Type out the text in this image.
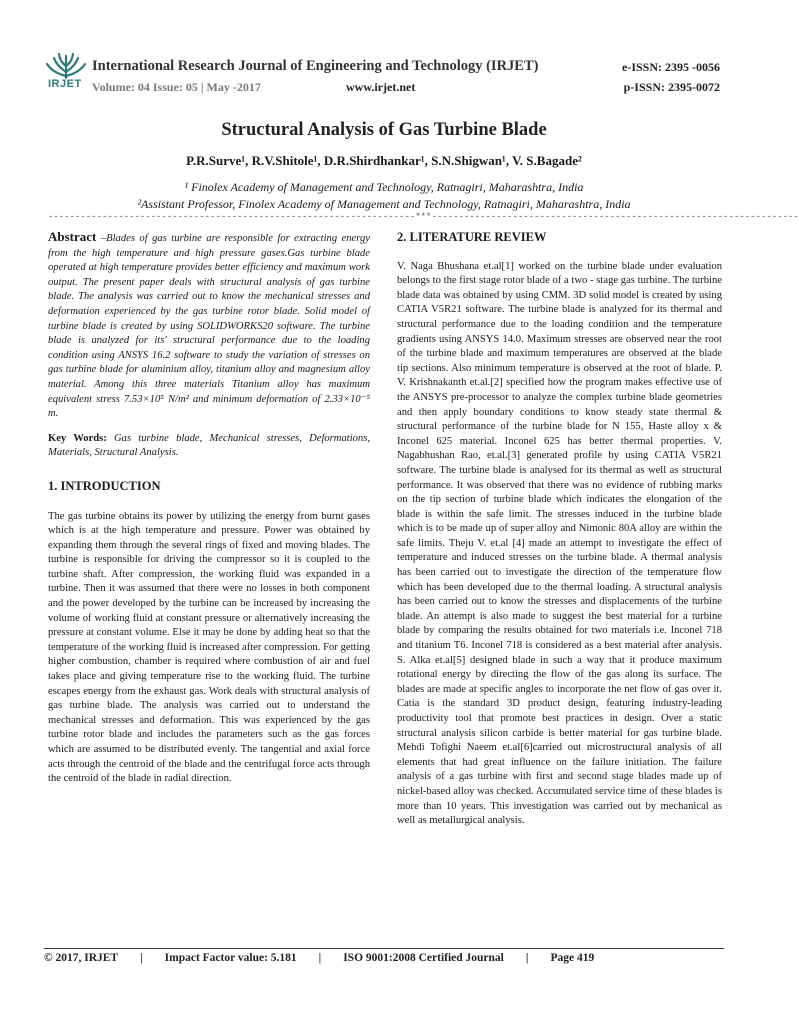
IRJET
International Research Journal of Engineering and Technology (IRJET)
Volume: 04 Issue: 05 | May -2017	www.irjet.net
e-ISSN: 2395 -0056
p-ISSN: 2395-0072
Structural Analysis of Gas Turbine Blade
P.R.Surve¹, R.V.Shitole¹, D.R.Shirdhankar¹, S.N.Shigwan¹, V. S.Bagade²
¹ Finolex Academy of Management and Technology, Ratnagiri, Maharashtra, India
²Assistant Professor, Finolex Academy of Management and Technology, Ratnagiri, Maharashtra, India
--------------------------------------------------------------------***--------------------------------------------------------------------

Abstract –Blades of gas turbine are responsible for extracting energy from the high temperature and high pressure gases.Gas turbine blade operated at high temperature provides better efficiency and maximum work output. The present paper deals with structural analysis of gas turbine blade. The analysis was carried out to know the mechanical stresses and deformation experienced by the gas turbine rotor blade. Solid model of turbine blade is created by using SOLIDWORKS20 software. The turbine blade is analyzed for its' structural performance due to the loading condition using ANSYS 16.2 software to study the variation of stresses on gas turbine blade for aluminium alloy, titanium alloy and magnesium alloy material. Among this three materials Titanium alloy has maximum equivalent stress 7.53×10⁵ N/m² and minimum deformation of 2.33×10⁻⁵ m.

Key Words: Gas turbine blade, Mechanical stresses, Deformations, Materials, Structural Analysis.

1. INTRODUCTION

The gas turbine obtains its power by utilizing the energy from burnt gases which is at the high temperature and pressure. Power was obtained by expanding them through the several rings of fixed and moving blades. The turbine is responsible for driving the compressor so it is coupled to the turbine shaft. After compression, the working fluid was expanded in a turbine. Then it was assumed that there were no losses in both component and the power developed by the turbine can be increased by increasing the volume of working fluid at constant pressure or alternatively increasing the pressure at constant volume. Else it may be done by adding heat so that the temperature of the working fluid is increased after compression. For getting higher combustion, chamber is required where combustion of air and fuel takes place and giving temperature rise to the working fluid. The turbine escapes energy from the exhaust gas. Work deals with structural analysis of gas turbine blade. The analysis was carried out to understand the mechanical stresses and deformation. This was experienced by the gas turbine rotor blade and includes the parameters such as the gas forces which are assumed to be distributed evenly. The tangential and axial force acts through the centroid of the blade and the centrifugal force acts through the centroid of the blade in radial direction.

2. LITERATURE REVIEW

V. Naga Bhushana et.al[1] worked on the turbine blade under evaluation belongs to the first stage rotor blade of a two - stage gas turbine. The turbine blade data was obtained by using CMM. 3D solid model is created by using CATIA V5R21 software. The turbine blade is analyzed for its thermal and structural performance due to the loading condition and the temperature gradients using ANSYS 14.0. Maximum stresses are observed near the root of the turbine blade and maximum temperatures are observed at the blade tip sections. Also minimum temperature is observed at the root of blade. P. V. Krishnakanth et.al.[2] specified how the program makes effective use of the ANSYS pre-processor to analyze the complex turbine blade geometries and then apply boundary conditions to know steady state thermal & structural performance of the turbine blade for N 155, Haste alloy x & Inconel 625 material. Inconel 625 has better thermal properties. V. Nagabhushan Rao, et.al.[3] generated profile by using CATIA V5R21 software. The turbine blade is analysed for its thermal as well as structural performance. It was observed that there was no evidence of rubbing marks on the tip section of turbine blade which indicates the elongation of the blade is within the safe limit. The stresses induced in the turbine blade which is to be made up of super alloy and Nimonic 80A alloy are within the safe limits. Theju V. et.al [4] made an attempt to investigate the effect of temperature and induced stresses on the turbine blade. A thermal analysis has been carried out to investigate the direction of the temperature flow which has been developed due to the thermal loading. A structural analysis has been carried out to know the stresses and displacements of the turbine blade. An attempt is also made to suggest the best material for a turbine blade by comparing the results obtained for two materials i.e. Inconel 718 and titanium T6. Inconel 718 is considered as a best material after analysis. S. Alka et.al[5] designed blade in such a way that it produce maximum rotational energy by directing the flow of the gas along its surface. The blades are made at specific angles to incorporate the net flow of gas over it. Catia is the standard 3D product design, featuring industry-leading productivity tool that promote best practices in design. Over a static structural analysis silicon carbide is better material for gas turbine blade. Mehdi Tofighi Naeem et.al[6]carried out microstructural analysis of all elements that had great influence on the failure initiation. The failure analysis of a gas turbine with first and second stage blades made up of nickel-based alloy was checked. Accumulated service time of these blades is more than 10 years. This investigation was carried out by mechanical as well as metallurgical analysis.

© 2017, IRJET | Impact Factor value: 5.181 | ISO 9001:2008 Certified Journal | Page 419
